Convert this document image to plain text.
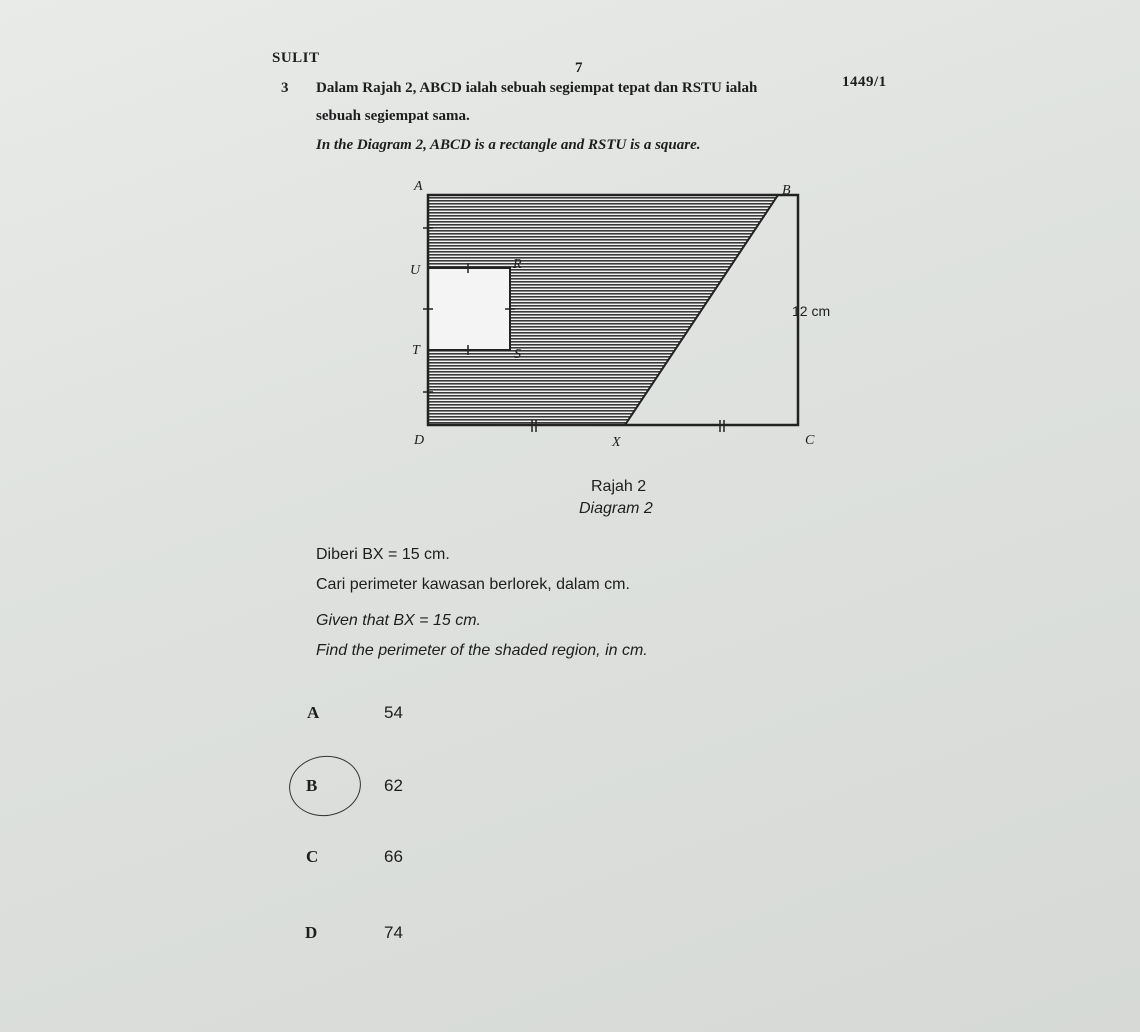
SULIT
7
1449/1
3 Dalam Rajah 2, ABCD ialah sebuah segiempat tepat dan RSTU ialah
sebuah segiempat sama.
In the Diagram 2, ABCD is a rectangle and RSTU is a square.
A	B
C
D
R
S
T
U
X
12 cm
Rajah 2
Diagram 2
Diberi BX = 15 cm.
Cari perimeter kawasan berlorek, dalam cm.
Given that BX = 15 cm.
Find the perimeter of the shaded region, in cm.
A	54
B	62
C	66
D	74
